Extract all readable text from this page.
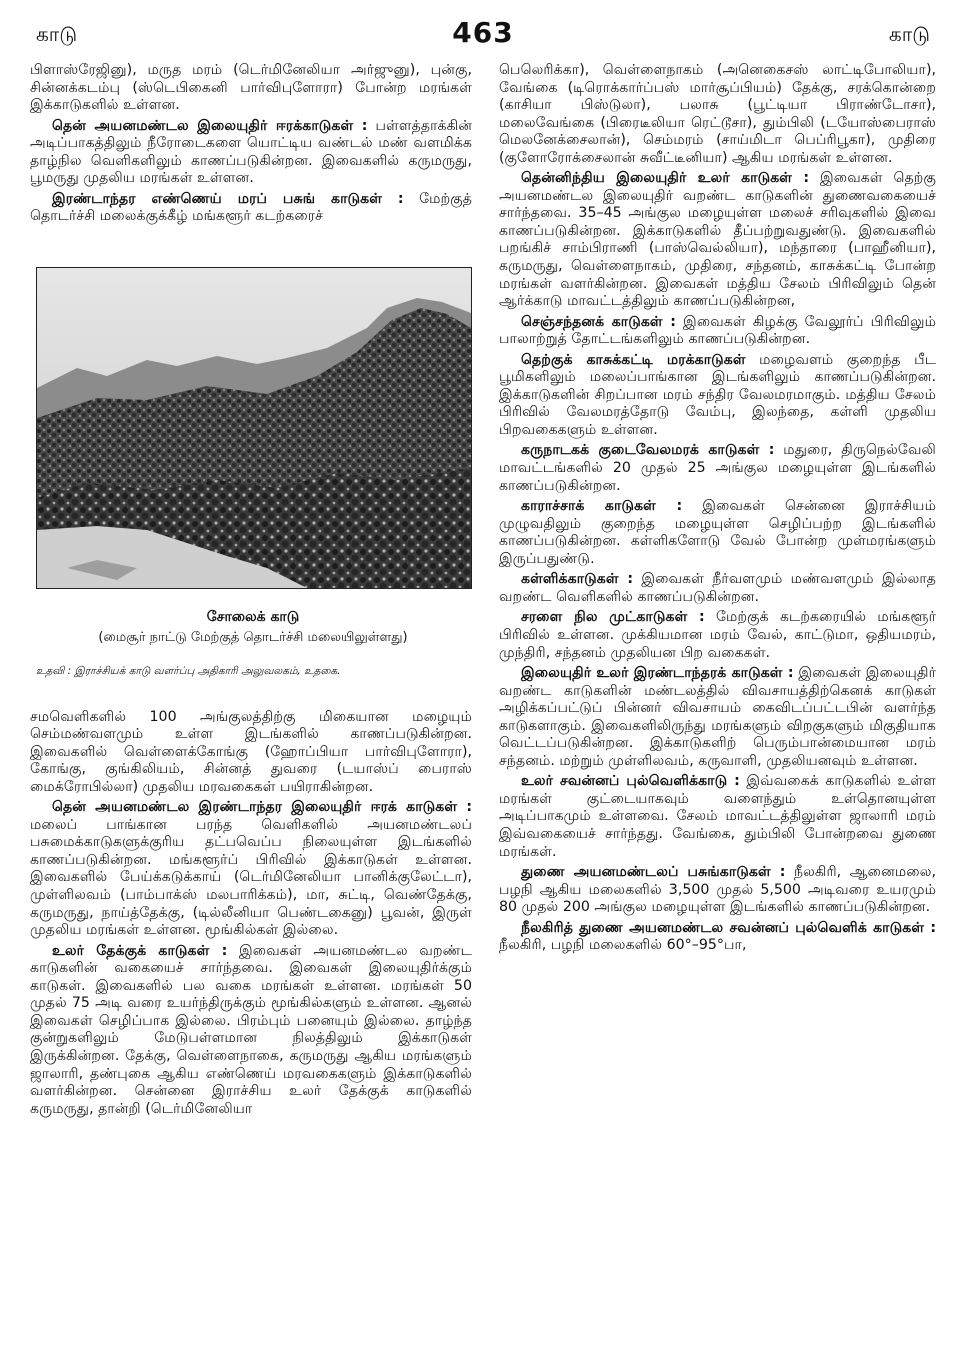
காடு	463	காடு

பிளாஸ்ரேஜினு), மருத மரம் (டெர்மினேலியா அர்ஜுனு), புன்கு, சின்னக்கடம்பு (ஸ்டெபிகைனி பார்விபுளோரா) போன்ற மரங்கள் இக்காடுகளில் உள்ளன.

தென் அயனமண்டல இலையுதிர் ஈரக்காடுகள் : பள்ளத்தாக்கின் அடிப்பாகத்திலும் நீரோடைகளை யொட்டிய வண்டல் மண் வளமிக்க தாழ்நில வெளிகளிலும் காணப்படுகின்றன. இவைகளில் கருமருது, பூமருது முதலிய மரங்கள் உள்ளன.

இரண்டாந்தர எண்ணெய் மரப் பசுங் காடுகள் : மேற்குத் தொடர்ச்சி மலைக்குக்கீழ் மங்களூர் கடற்கரைச்

சோலைக் காடு
(மைசூர் நாட்டு மேற்குத் தொடர்ச்சி மலையிலுள்ளது)
உதவி : இராச்சியக் காடு வளர்ப்பு அதிகாரி அலுவலகம், உதகை.

சமவெளிகளில் 100 அங்குலத்திற்கு மிகையான மழையும் செம்மண்வளமும் உள்ள இடங்களில் காணப்படுகின்றன. இவைகளில் வெள்ளைக்கோங்கு (ஹோப்பியா பார்விபுளோரா), கோங்கு, குங்கிலியம், சின்னத் துவரை (டயாஸ்ப் பைராஸ் மைக்ரோபில்லா) முதலிய மரவகைகள் பயிராகின்றன.

தென் அயனமண்டல இரண்டாந்தர இலையுதிர் ஈரக் காடுகள் : மலைப் பாங்கான பரந்த வெளிகளில் அயனமண்டலப் பசுமைக்காடுகளுக்குரிய தட்பவெப்ப நிலையுள்ள இடங்களில் காணப்படுகின்றன. மங்களூர்ப் பிரிவில் இக்காடுகள் உள்ளன. இவைகளில் பேய்க்கடுக்காய் (டெர்மினேலியா பானிக்குலேட்டா), முள்ளிலவம் (பாம்பாக்ஸ் மலபாரிக்கம்), மா, சுட்டி, வெண்தேக்கு, கருமருது, நாய்த்தேக்கு, (டில்லீனியா பெண்டகைனு) பூவன், இருள் முதலிய மரங்கள் உள்ளன. மூங்கில்கள் இல்லை.

உலர் தேக்குக் காடுகள் : இவைகள் அயனமண்டல வறண்ட காடுகளின் வகையைச் சார்ந்தவை. இவைகள் இலையுதிர்க்கும் காடுகள். இவைகளில் பல வகை மரங்கள் உள்ளன. மரங்கள் 50 முதல் 75 அடி வரை உயர்ந்திருக்கும் மூங்கில்களும் உள்ளன. ஆனல் இவைகள் செழிப்பாக இல்லை. பிரம்பும் பனையும் இல்லை. தாழ்ந்த குன்றுகளிலும் மேடுபள்ளமான நிலத்திலும் இக்காடுகள் இருக்கின்றன. தேக்கு, வெள்ளைநாகை, கருமருது ஆகிய மரங்களும் ஜாலாரி, தண்புகை ஆகிய எண்ணெய் மரவகைகளும் இக்காடுகளில் வளர்கின்றன. சென்னை இராச்சிய உலர் தேக்குக் காடுகளில் கருமருது, தான்றி (டெர்மினேலியா

பெலெரிக்கா), வெள்ளைநாகம் (அனெகைசஸ் லாட்டிபோலியா), வேங்கை (டிரொக்கார்ப்பஸ் மார்சூப்பியம்) தேக்கு, சரக்கொன்றை (காசியா பிஸ்டுலா), பலாசு (பூட்டியா பிராண்டோசா), மலைவேங்கை (பிரைடீலியா ரெட்டூசா), தும்பிலி (டயோஸ்பைராஸ் மெலனேக்சைலான்), செம்மரம் (சாய்மிடா பெப்ரிபூகா), முதிரை (குளோரோக்சைலான் சுவீட்டீனியா) ஆகிய மரங்கள் உள்ளன.

தென்னிந்திய இலையுதிர் உலர் காடுகள் : இவைகள் தெற்கு அயனமண்டல இலையுதிர் வறண்ட காடுகளின் துணைவகையைச் சார்ந்தவை. 35–45 அங்குல மழையுள்ள மலைச் சரிவுகளில் இவை காணப்படுகின்றன. இக்காடுகளில் தீப்பற்றுவதுண்டு. இவைகளில் பறங்கிச் சாம்பிராணி (பாஸ்வெல்லியா), மந்தாரை (பாஹீனியா), கருமருது, வெள்ளைநாகம், முதிரை, சந்தனம், காசுக்கட்டி போன்ற மரங்கள் வளர்கின்றன. இவைகள் மத்திய சேலம் பிரிவிலும் தென் ஆர்க்காடு மாவட்டத்திலும் காணப்படுகின்றன,

செஞ்சந்தனக் காடுகள் : இவைகள் கிழக்கு வேலூர்ப் பிரிவிலும் பாலாற்றுத் தோட்டங்களிலும் காணப்படுகின்றன.

தெற்குக் காசுக்கட்டி மரக்காடுகள் மழைவளம் குறைந்த பீட பூமிகளிலும் மலைப்பாங்கான இடங்களிலும் காணப்படுகின்றன. இக்காடுகளின் சிறப்பான மரம் சந்திர வேலமரமாகும். மத்திய சேலம் பிரிவில் வேலமரத்தோடு வேம்பு, இலந்தை, கள்ளி முதலிய பிறவகைகளும் உள்ளன.

கருநாடகக் குடைவேலமரக் காடுகள் : மதுரை, திருநெல்வேலி மாவட்டங்களில் 20 முதல் 25 அங்குல மழையுள்ள இடங்களில் காணப்படுகின்றன.

காராச்சாக் காடுகள் : இவைகள் சென்னை இராச்சியம் முழுவதிலும் குறைந்த மழையுள்ள செழிப்பற்ற இடங்களில் காணப்படுகின்றன. கள்ளிகளோடு வேல் போன்ற முள்மரங்களும் இருப்பதுண்டு.

கள்ளிக்காடுகள் : இவைகள் நீர்வளமும் மண்வளமும் இல்லாத வறண்ட வெளிகளில் காணப்படுகின்றன.

சரளை நில முட்காடுகள் : மேற்குக் கடற்கரையில் மங்களூர் பிரிவில் உள்ளன. முக்கியமான மரம் வேல், காட்டுமா, ஒதியமரம், முந்திரி, சந்தனம் முதலியன பிற வகைகள்.

இலையுதிர் உலர் இரண்டாந்தரக் காடுகள் : இவைகள் இலையுதிர் வறண்ட காடுகளின் மண்டலத்தில் விவசாயத்திற்கெனக் காடுகள் அழிக்கப்பட்டுப் பின்னர் விவசாயம் கைவிடப்பட்டபின் வளர்ந்த காடுகளாகும். இவைகளிலிருந்து மரங்களும் விறகுகளும் மிகுதியாக வெட்டப்படுகின்றன. இக்காடுகளிற் பெரும்பான்மையான மரம் சந்தனம். மற்றும் முள்ளிலவம், கருவாளி, முதலியனவும் உள்ளன.

உலர் சவன்னப் புல்வெளிக்காடு : இவ்வகைக் காடுகளில் உள்ள மரங்கள் குட்டையாகவும் வளைந்தும் உள்தொனயுள்ள அடிப்பாகமும் உள்ளவை. சேலம் மாவட்டத்திலுள்ள ஜாலாரி மரம் இவ்வகையைச் சார்ந்தது. வேங்கை, தும்பிலி போன்றவை துணை மரங்கள்.

துணை அயனமண்டலப் பசுங்காடுகள் : நீலகிரி, ஆனைமலை, பழநி ஆகிய மலைகளில் 3,500 முதல் 5,500 அடிவரை உயரமும் 80 முதல் 200 அங்குல மழையுள்ள இடங்களில் காணப்படுகின்றன.

நீலகிரித் துணை அயனமண்டல சவன்னப் புல்வெளிக் காடுகள் : நீலகிரி, பழநி மலைகளில் 60°–95°பா,
